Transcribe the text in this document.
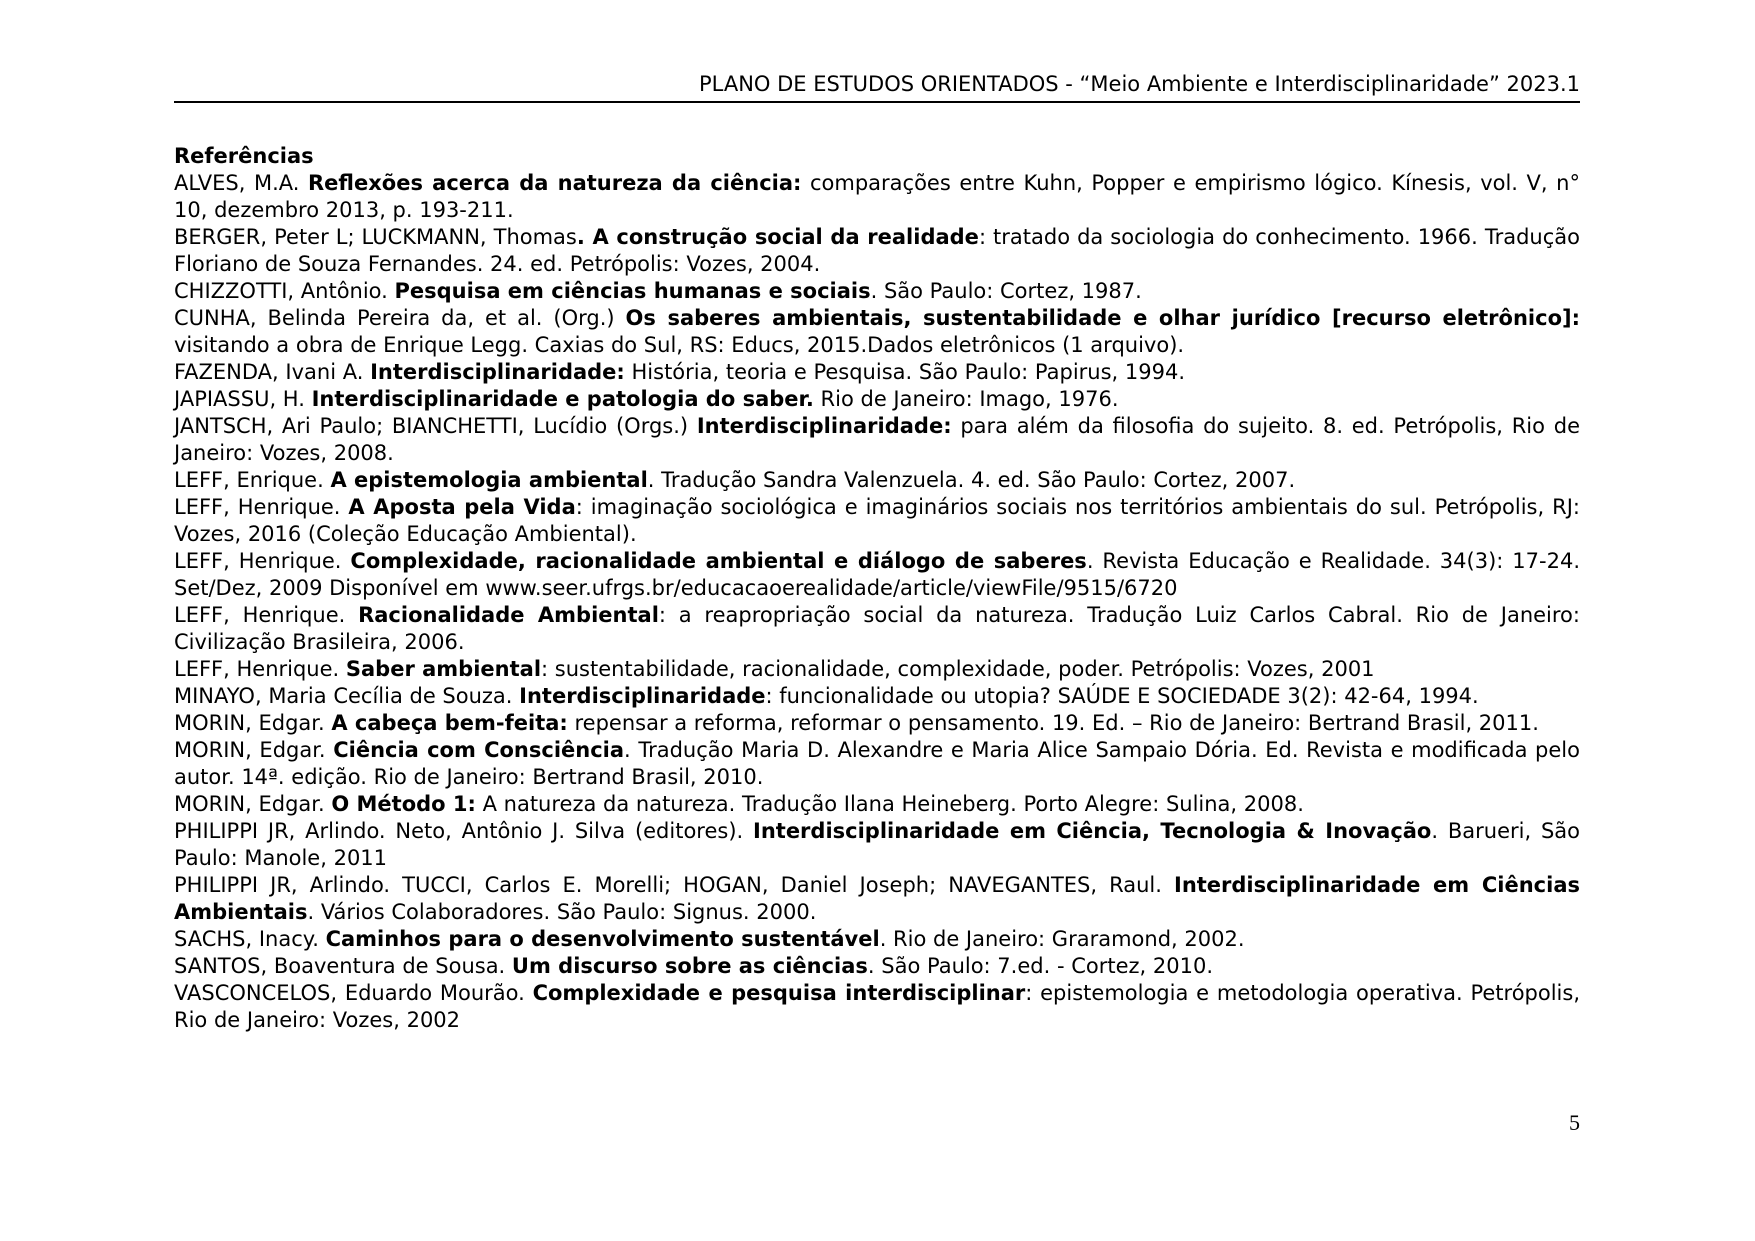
PLANO DE ESTUDOS ORIENTADOS - “Meio Ambiente e Interdisciplinaridade” 2023.1
Referências

ALVES, M.A. Reflexões acerca da natureza da ciência: comparações entre Kuhn, Popper e empirismo lógico. Kínesis, vol. V, n° 10, dezembro 2013, p. 193-211.

BERGER, Peter L; LUCKMANN, Thomas. A construção social da realidade: tratado da sociologia do conhecimento. 1966. Tradução Floriano de Souza Fernandes. 24. ed. Petrópolis: Vozes, 2004.

CHIZZOTTI, Antônio. Pesquisa em ciências humanas e sociais. São Paulo: Cortez, 1987.

CUNHA, Belinda Pereira da, et al. (Org.) Os saberes ambientais, sustentabilidade e olhar jurídico [recurso eletrônico]: visitando a obra de Enrique Legg. Caxias do Sul, RS: Educs, 2015.Dados eletrônicos (1 arquivo).

FAZENDA, Ivani A. Interdisciplinaridade: História, teoria e Pesquisa. São Paulo: Papirus, 1994.

JAPIASSU, H. Interdisciplinaridade e patologia do saber. Rio de Janeiro: Imago, 1976.

JANTSCH, Ari Paulo; BIANCHETTI, Lucídio (Orgs.) Interdisciplinaridade: para além da filosofia do sujeito. 8. ed. Petrópolis, Rio de Janeiro: Vozes, 2008.

LEFF, Enrique. A epistemologia ambiental. Tradução Sandra Valenzuela. 4. ed. São Paulo: Cortez, 2007.

LEFF, Henrique. A Aposta pela Vida: imaginação sociológica e imaginários sociais nos territórios ambientais do sul. Petrópolis, RJ: Vozes, 2016 (Coleção Educação Ambiental).

LEFF, Henrique. Complexidade, racionalidade ambiental e diálogo de saberes. Revista Educação e Realidade. 34(3): 17-24. Set/Dez, 2009 Disponível em www.seer.ufrgs.br/educacaoerealidade/article/viewFile/9515/6720

LEFF, Henrique. Racionalidade Ambiental: a reapropriação social da natureza. Tradução Luiz Carlos Cabral. Rio de Janeiro: Civilização Brasileira, 2006.

LEFF, Henrique. Saber ambiental: sustentabilidade, racionalidade, complexidade, poder. Petrópolis: Vozes, 2001

MINAYO, Maria Cecília de Souza. Interdisciplinaridade: funcionalidade ou utopia? SAÚDE E SOCIEDADE 3(2): 42-64, 1994.

MORIN, Edgar. A cabeça bem-feita: repensar a reforma, reformar o pensamento. 19. Ed. – Rio de Janeiro: Bertrand Brasil, 2011.

MORIN, Edgar. Ciência com Consciência. Tradução Maria D. Alexandre e Maria Alice Sampaio Dória. Ed. Revista e modificada pelo autor. 14ª. edição. Rio de Janeiro: Bertrand Brasil, 2010.

MORIN, Edgar. O Método 1: A natureza da natureza. Tradução Ilana Heineberg. Porto Alegre: Sulina, 2008.

PHILIPPI JR, Arlindo. Neto, Antônio J. Silva (editores). Interdisciplinaridade em Ciência, Tecnologia & Inovação. Barueri, São Paulo: Manole, 2011

PHILIPPI JR, Arlindo. TUCCI, Carlos E. Morelli; HOGAN, Daniel Joseph; NAVEGANTES, Raul. Interdisciplinaridade em Ciências Ambientais. Vários Colaboradores. São Paulo: Signus. 2000.

SACHS, Inacy. Caminhos para o desenvolvimento sustentável. Rio de Janeiro: Graramond, 2002.

SANTOS, Boaventura de Sousa. Um discurso sobre as ciências. São Paulo: 7.ed. - Cortez, 2010.

VASCONCELOS, Eduardo Mourão. Complexidade e pesquisa interdisciplinar: epistemologia e metodologia operativa. Petrópolis, Rio de Janeiro: Vozes, 2002

5
